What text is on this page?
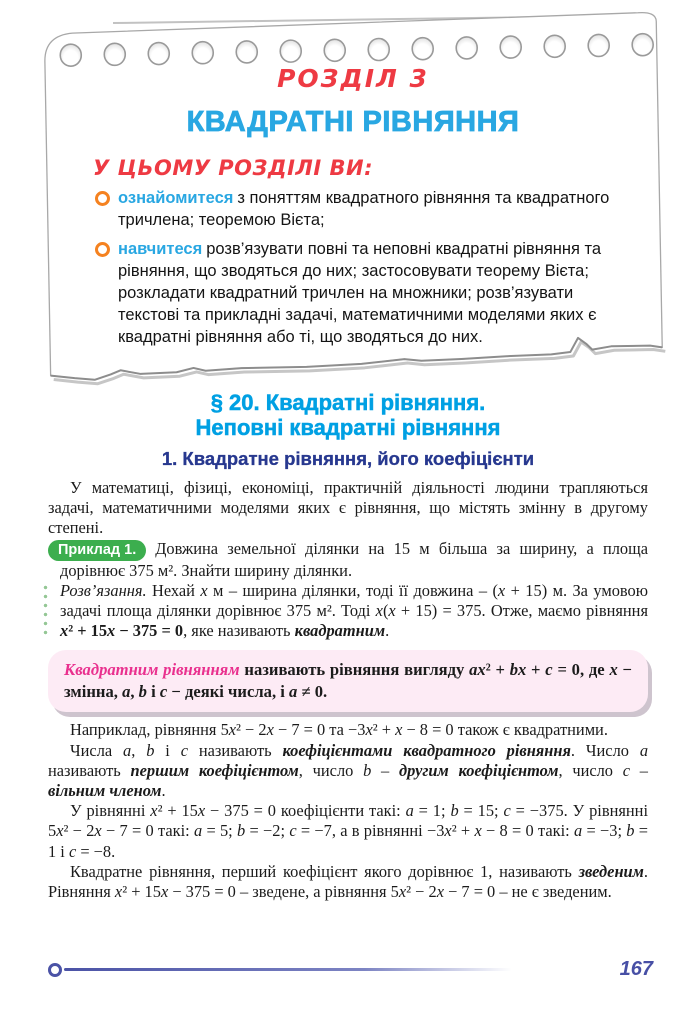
РОЗДІЛ 3
КВАДРАТНІ РІВНЯННЯ
У ЦЬОМУ РОЗДІЛІ ВИ:
ознайомитеся з поняттям квадратного рівняння та квадратного тричлена; теоремою Вієта;
навчитеся розв’язувати повні та неповні квадратні рівняння та рівняння, що зводяться до них; застосовувати теорему Вієта; розкладати квадратний тричлен на множники; розв’язувати текстові та прикладні задачі, математичними моделями яких є квадратні рівняння або ті, що зводяться до них.
§ 20. Квадратні рівняння.
Неповні квадратні рівняння
1. Квадратне рівняння, його коефіцієнти

У математиці, фізиці, економіці, практичній діяльності людини трапляються задачі, математичними моделями яких є рівняння, що містять змінну в другому степені.

Приклад 1. Довжина земельної ділянки на 15 м більша за ширину, а площа дорівнює 375 м². Знайти ширину ділянки.

Розв’язання. Нехай x м – ширина ділянки, тоді її довжина – (x + 15) м. За умовою задачі площа ділянки дорівнює 375 м². Тоді x(x + 15) = 375. Отже, маємо рівняння x² + 15x − 375 = 0, яке називають квадратним.

Квадратним рівнянням називають рівняння вигляду ax² + bx + c = 0, де x − змінна, a, b і c − деякі числа, і a ≠ 0.

Наприклад, рівняння 5x² − 2x − 7 = 0 та −3x² + x − 8 = 0 також є квадратними.

Числа a, b і c називають коефіцієнтами квадратного рівняння. Число a називають першим коефіцієнтом, число b – другим коефіцієнтом, число c – вільним членом.

У рівнянні x² + 15x − 375 = 0 коефіцієнти такі: a = 1; b = 15; c = −375. У рівнянні 5x² − 2x − 7 = 0 такі: a = 5; b = −2; c = −7, а в рівнянні −3x² + x − 8 = 0 такі: a = −3; b = 1 і c = −8.

Квадратне рівняння, перший коефіцієнт якого дорівнює 1, називають зведеним. Рівняння x² + 15x − 375 = 0 – зведене, а рівняння 5x² − 2x − 7 = 0 – не є зведеним.

167
